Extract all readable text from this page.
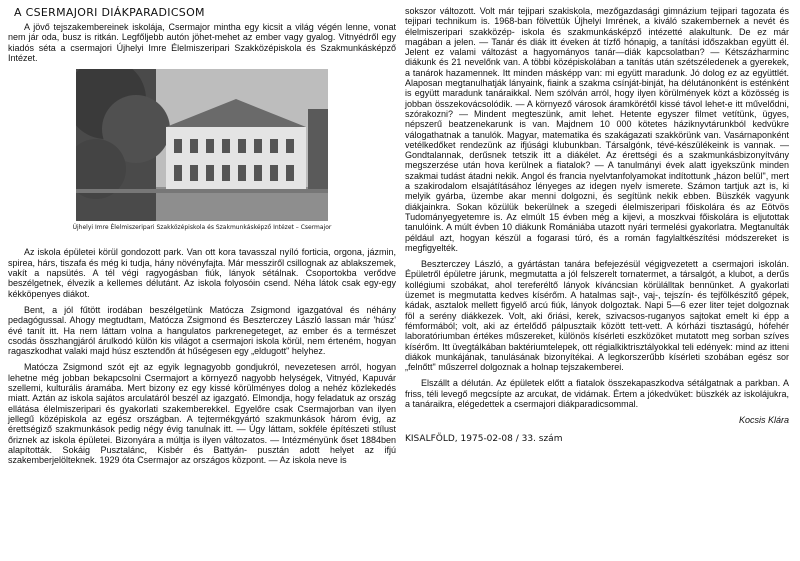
A CSERMAJORI DIÁKPARADICSOM

A jövő tejszakembereinek iskolája, Csermajor mintha egy kicsit a világ végén lenne, vonat nem jár oda, busz is ritkán. Legfőljebb autón jöhet-mehet az ember vagy gyalog. Vitnyédről egy kiadós séta a csermajori Újhelyi Imre Élelmiszeripari Szakközépiskola és Szakmunkásképző Intézet.

Újhelyi Imre Élelmiszeripari Szakközépiskola és Szakmunkásképző Intézet – Csermajor

Az iskola épületei körül gondozott park. Van ott kora tavasszal nyíló forticia, orgona, jázmin, spirea, hárs, tiszafa és még ki tudja, hány növényfajta. Már messziről csillognak az ablakszemek, vakít a napsütés. A tél végi ragyogásban fiúk, lányok sétálnak. Csoportokba verődve beszélgetnek, élvezik a kellemes délutánt. Az iskola folyosóin csend. Néha látok csak egy-egy kékköpenyes diákot.

Bent, a jól fűtött irodában beszélgetünk Matócza Zsigmond igazgatóval és néhány pedagógussal. Ahogy megtudtam, Matócza Zsigmond és Beszterczey László lassan már 'húsz' évé tanít itt. Ha nem láttam volna a hangulatos parkrenegeteget, az ember és a természet csodás összhangjáról árulkodó külön kis világot a csermajori iskola körül, nem érteném, hogyan ragaszkodhat valaki majd húsz esztendőn át hűségesen egy „eldugott" helyhez.

Matócza Zsigmond szót ejt az egyik legnagyobb gondjukról, nevezetesen arról, hogyan lehetne még jobban bekapcsolni Csermajort a környező nagyobb helységek, Vitnyéd, Kapuvár szellemi, kulturális áramába. Mert bizony ez egy kissé körülményes dolog a nehéz közlekedés miatt. Aztán az iskola sajátos arculatáról beszél az igazgató. Elmondja, hogy feladatuk az ország ellátása élelmiszeripari és gyakorlati szakemberekkel. Egyelőre csak Csermajorban van ilyen jellegű középiskola az egész országban. A tejtermékgyártó szakmunkások három évig, az érettségiző szakmunkások pedig négy évig tanulnak itt. — Úgy láttam, sokféle építészeti stílust őriznek az iskola épületei. Bizonyára a múltja is ilyen változatos. — Intézményünk őset 1884ben alapították. Sokáig Pusztalánc, Kisbér és Battyán- pusztán adott helyet az ifjú szakemberjelölteknek. 1929 óta Csermajor az országos központ. — Az iskola neve is

sokszor változott. Volt már tejipari szakiskola, mezőgazdasági gimnázium tejipari tagozata és tejipari technikum is. 1968-ban fölvettük Újhelyi Imrének, a kiváló szakembernek a nevét és élelmiszeripari szakközép- iskola és szakmunkásképző intézetté alakultunk. De ez már magában a jelen. — Tanár és diák itt éveken át tízfő hónapig, a tanítási időszakban együtt él. Jelent ez valami változást a hagyományos tanár—diák kapcsolatban? — Kétszázharminc diákunk és 21 nevelőnk van. A többi középiskolában a tanítás után szétszéledenek a gyerekek, a tanárok hazamennek. Itt minden másképp van: mi együtt maradunk. Jó dolog ez az együttlét. Alaposan megtanulhatják lányaink, fiaink a szakma csínját-binját, ha délutánonként is esténként is együtt maradunk tanáraikkal. Nem szólván arról, hogy ilyen körülmények közt a közösség is jobban összekovácsolódik. — A környező városok áramkörétől kissé távol lehet-e itt művelődni, szórakozni? — Mindent megteszünk, amit lehet. Hetente egyszer filmet vetítünk, ügyes, népszerű beatzenekarunk is van. Majdnem 10 000 kötetes háziknyvtárunkból kedvükre válogathatnak a tanulók. Magyar, matematika és szakágazati szakkörünk van. Vasárnaponként vetélkedőket rendezünk az ifjúsági klubunkban. Társalgónk, tévé-készülékeink is vannak. — Gondtalannak, derűsnek tetszik itt a diákélet. Az érettségi és a szakmunkásbizonyítvány megszerzése után hova kerülnek a fiatalok? — A tanulmányi évek alatt igyekszünk minden szakmai tudást átadni nekik. Angol és francia nyelvtanfolyamokat indítottunk „házon belül", mert a szakirodalom elsajátításához lényeges az idegen nyelv ismerete. Számon tartjuk azt is, ki melyik gyárba, üzembe akar menni dolgozni, és segítünk nekik ebben. Büszkék vagyunk diákjainkra. Sokan közülük bekerülnek a szegedi élelmiszeripari főiskolára és az Eötvös Tudományegyetemre is. Az elmúlt 15 évben még a kijevi, a moszkvai főiskolára is eljutottak tanulóink. A múlt évben 10 diákunk Romániába utazott nyári termelési gyakorlatra. Megtanulták például azt, hogyan készül a fogarasi túró, és a román fagylaltkészítési módszereket is megfigyelték.

Beszterczey László, a gyártástan tanára befejezésül végigvezetett a csermajori iskolán. Épületről épületre járunk, megmutatta a jól felszerelt tornatermet, a társalgót, a klubot, a derűs kollégiumi szobákat, ahol tereferéltő lányok kíváncsian körülálltak bennünket. A gyakorlati üzemet is megmutatta kedves kísérőm. A hatalmas sajt-, vaj-, tejszín- és tejfölkészítő gépek, kádak, asztalok mellett figyelő arcú fiúk, lányok dolgoztak. Napi 5—6 ezer liter tejet dolgoznak föl a serény diákkezek. Volt, aki őriási, kerek, szivacsos-ruganyos sajtokat emelt ki épp a fémformából; volt, aki az értelődő pálpusztaik között tett-vett. A kórházi tisztaságú, hófehér laboratóriumban értékes műszereket, különös kísérleti eszközöket mutatott meg sorban szíves kísérőm. Itt üvegtálkában baktériumtelepek, ott régialkiktrisztályokkal teli edények: mind az itteni diákok munkájának, tanulásának bizonyítékai. A legkorszerűbb kísérleti szobában egész sor „felnőtt" műszerrel dolgoznak a holnap tejszakemberei.

Elszállt a délután. Az épületek előtt a fiatalok összekapaszkodva sétálgatnak a parkban. A friss, téli levegő megcsípte az arcukat, de vidámak. Értem a jókedvüket: büszkék az iskolájukra, a tanáraikra, elégedettek a csermajori diákparadicsommal.

Kocsis Klára
KISALFÖLD, 1975-02-08 / 33. szám
